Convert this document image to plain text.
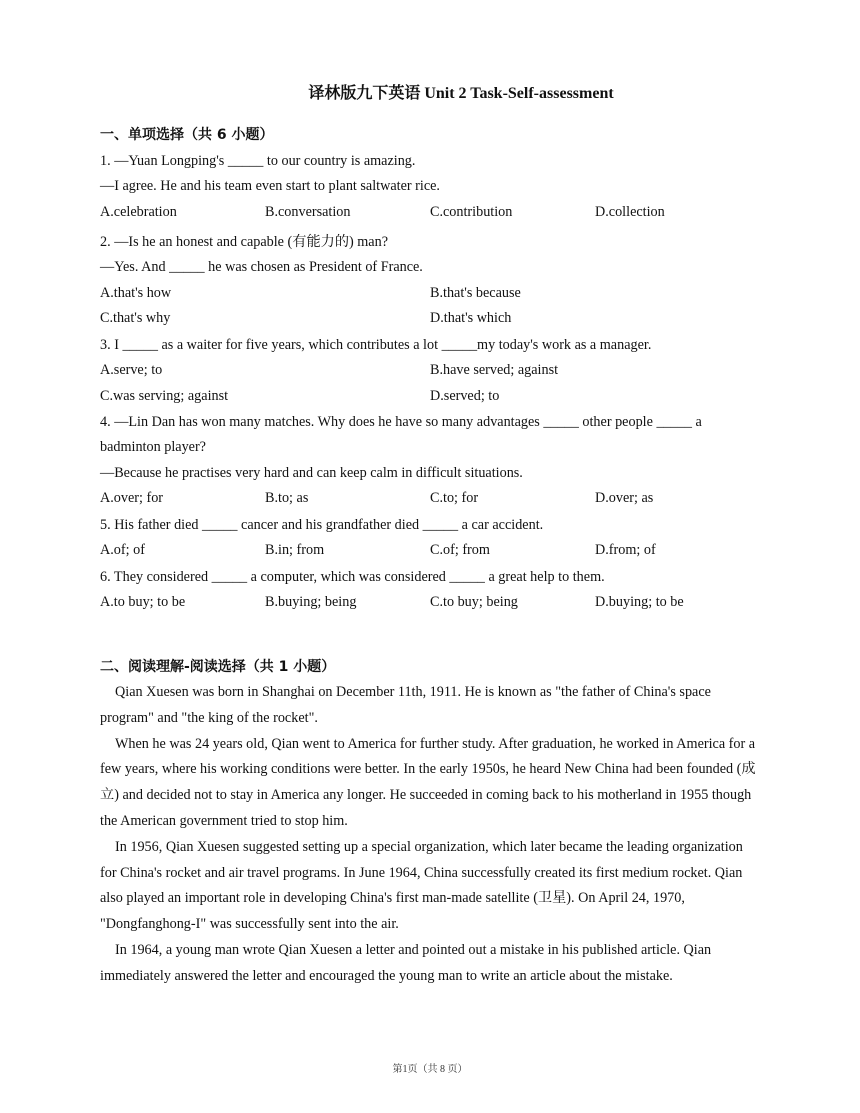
译林版九下英语 Unit 2 Task-Self-assessment
一、单项选择（共 6 小题）
1. —Yuan Longping's _____ to our country is amazing.
—I agree. He and his team even start to plant saltwater rice.
A.celebration	B.conversation	C.contribution	D.collection
2. —Is he an honest and capable (有能力的) man?
—Yes. And _____ he was chosen as President of France.
A.that's how	B.that's because
C.that's why	D.that's which
3. I _____ as a waiter for five years, which contributes a lot _____my today's work as a manager.
A.serve; to	B.have served; against
C.was serving; against	D.served; to
4. —Lin Dan has won many matches. Why does he have so many advantages _____ other people _____ a
badminton player?
—Because he practises very hard and can keep calm in difficult situations.
A.over; for	B.to; as	C.to; for	D.over; as
5. His father died _____ cancer and his grandfather died _____ a car accident.
A.of; of	B.in; from	C.of; from	D.from; of
6. They considered _____ a computer, which was considered _____ a great help to them.
A.to buy; to be	B.buying; being	C.to buy; being	D.buying; to be
二、阅读理解-阅读选择（共 1 小题）

Qian Xuesen was born in Shanghai on December 11th, 1911. He is known as "the father of China's space program" and "the king of the rocket".

When he was 24 years old, Qian went to America for further study. After graduation, he worked in America for a few years, where his working conditions were better. In the early 1950s, he heard New China had been founded (成立) and decided not to stay in America any longer. He succeeded in coming back to his motherland in 1955 though the American government tried to stop him.

In 1956, Qian Xuesen suggested setting up a special organization, which later became the leading organization for China's rocket and air travel programs. In June 1964, China successfully created its first medium rocket. Qian also played an important role in developing China's first man-made satellite (卫星). On April 24, 1970, "Dongfanghong-I" was successfully sent into the air.

In 1964, a young man wrote Qian Xuesen a letter and pointed out a mistake in his published article. Qian immediately answered the letter and encouraged the young man to write an article about the mistake.

第1页（共 8 页）
